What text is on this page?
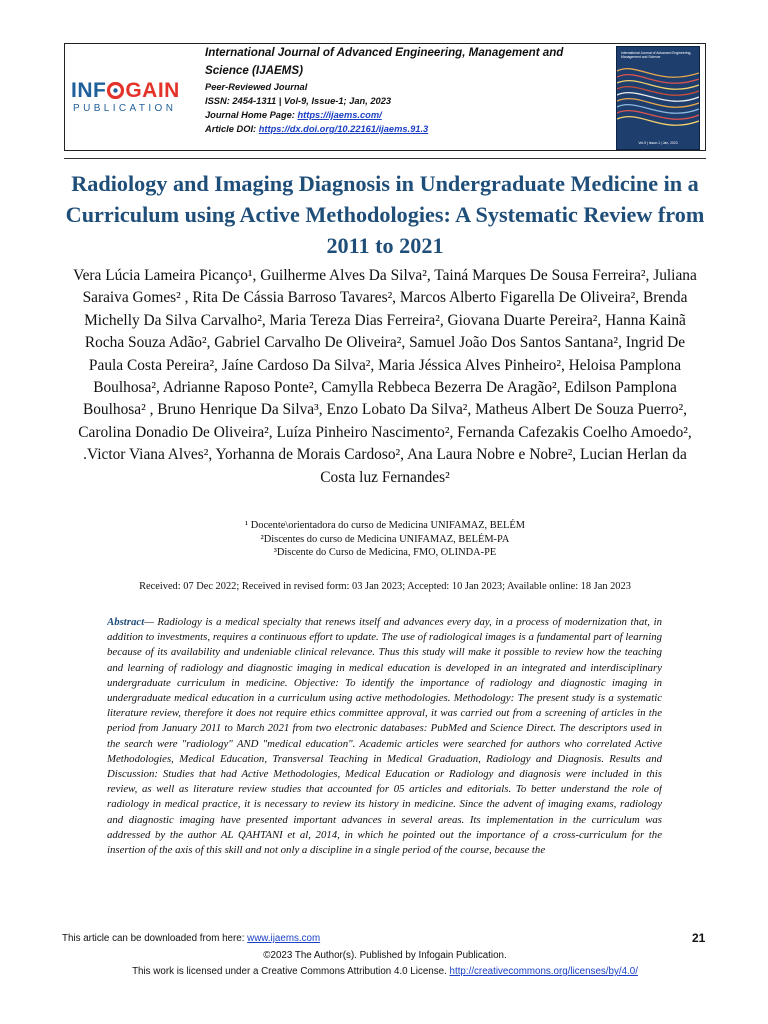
INF GAIN
PUBLICATION
International Journal of Advanced Engineering, Management and Science (IJAEMS)
Peer-Reviewed Journal
ISSN: 2454-1311 | Vol-9, Issue-1; Jan, 2023
Journal Home Page: https://ijaems.com/
Article DOI: https://dx.doi.org/10.22161/ijaems.91.3
International Journal of Advanced Engineering, Management and Science
Vol-9 | Issue-1 | Jan, 2023
Radiology and Imaging Diagnosis in Undergraduate Medicine in a Curriculum using Active Methodologies: A Systematic Review from 2011 to 2021

Vera Lúcia Lameira Picanço¹, Guilherme Alves Da Silva², Tainá Marques De Sousa Ferreira², Juliana Saraiva Gomes² , Rita De Cássia Barroso Tavares², Marcos Alberto Figarella De Oliveira², Brenda Michelly Da Silva Carvalho², Maria Tereza Dias Ferreira², Giovana Duarte Pereira², Hanna Kainã Rocha Souza Adão², Gabriel Carvalho De Oliveira², Samuel João Dos Santos Santana², Ingrid De Paula Costa Pereira², Jaíne Cardoso Da Silva², Maria Jéssica Alves Pinheiro², Heloisa Pamplona Boulhosa², Adrianne Raposo Ponte², Camylla Rebbeca Bezerra De Aragão², Edilson Pamplona Boulhosa² , Bruno Henrique Da Silva³, Enzo Lobato Da Silva², Matheus Albert De Souza Puerro², Carolina Donadio De Oliveira², Luíza Pinheiro Nascimento², Fernanda Cafezakis Coelho Amoedo², .Victor Viana Alves², Yorhanna de Morais Cardoso², Ana Laura Nobre e Nobre², Lucian Herlan da Costa luz Fernandes²

¹ Docente\orientadora do curso de Medicina UNIFAMAZ, BELÉM
²Discentes do curso de Medicina UNIFAMAZ, BELÉM-PA
³Discente do Curso de Medicina, FMO, OLINDA-PE
Received: 07 Dec 2022; Received in revised form: 03 Jan 2023; Accepted: 10 Jan 2023; Available online: 18 Jan 2023

Abstract— Radiology is a medical specialty that renews itself and advances every day, in a process of modernization that, in addition to investments, requires a continuous effort to update. The use of radiological images is a fundamental part of learning because of its availability and undeniable clinical relevance. Thus this study will make it possible to review how the teaching and learning of radiology and diagnostic imaging in medical education is developed in an integrated and interdisciplinary undergraduate curriculum in medicine. Objective: To identify the importance of radiology and diagnostic imaging in undergraduate medical education in a curriculum using active methodologies. Methodology: The present study is a systematic literature review, therefore it does not require ethics committee approval, it was carried out from a screening of articles in the period from January 2011 to March 2021 from two electronic databases: PubMed and Science Direct. The descriptors used in the search were "radiology" AND "medical education". Academic articles were searched for authors who correlated Active Methodologies, Medical Education, Transversal Teaching in Medical Graduation, Radiology and Diagnosis. Results and Discussion: Studies that had Active Methodologies, Medical Education or Radiology and diagnosis were included in this review, as well as literature review studies that accounted for 05 articles and editorials. To better understand the role of radiology in medical practice, it is necessary to review its history in medicine. Since the advent of imaging exams, radiology and diagnostic imaging have presented important advances in several areas. Its implementation in the curriculum was addressed by the author AL QAHTANI et al, 2014, in which he pointed out the importance of a cross-curriculum for the insertion of the axis of this skill and not only a discipline in a single period of the course, because the

This article can be downloaded from here: www.ijaems.com	21
©2023 The Author(s). Published by Infogain Publication.
This work is licensed under a Creative Commons Attribution 4.0 License. http://creativecommons.org/licenses/by/4.0/
